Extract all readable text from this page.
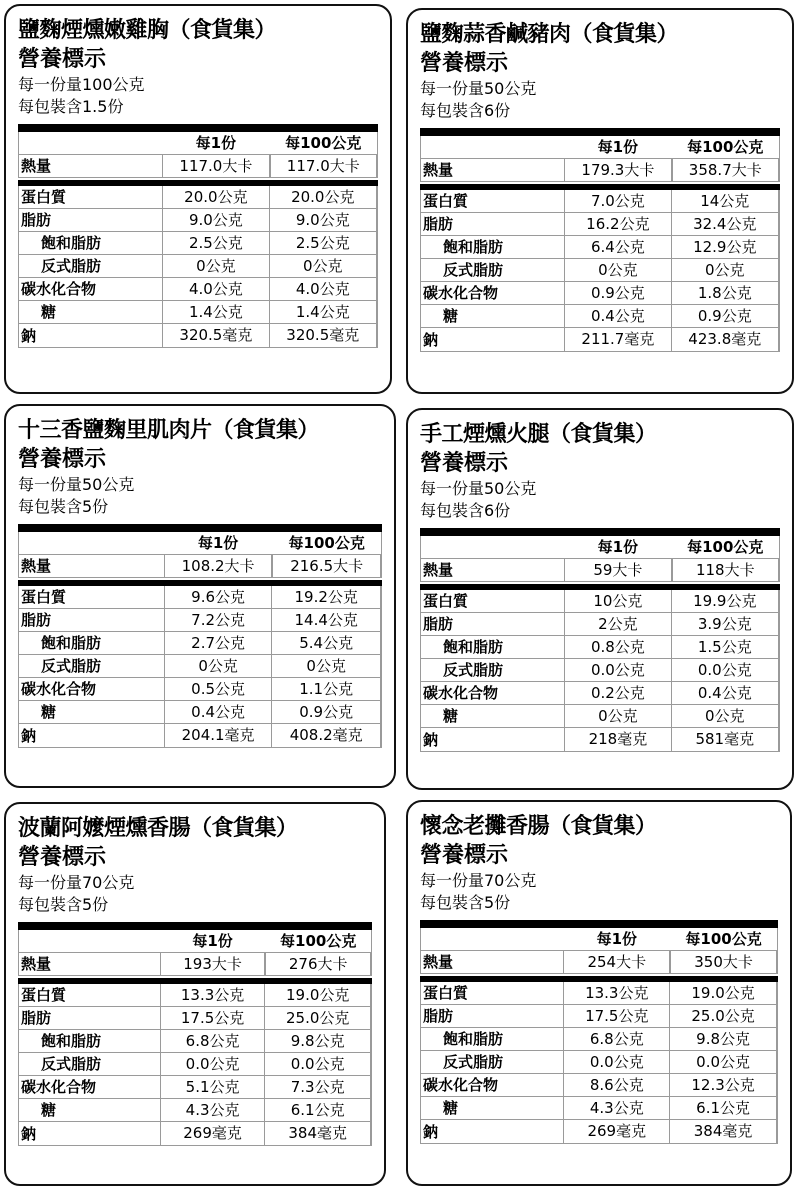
鹽麴煙燻嫩雞胸（食貨集）
營養標示
每一份量100公克
每包裝含1.5份
每1份	每100公克
熱量	117.0大卡	117.0大卡
蛋白質	20.0公克	20.0公克
脂肪	9.0公克	9.0公克
飽和脂肪	2.5公克	2.5公克
反式脂肪	0公克	0公克
碳水化合物	4.0公克	4.0公克
糖	1.4公克	1.4公克
鈉	320.5毫克	320.5毫克
鹽麴蒜香鹹豬肉（食貨集）
營養標示
每一份量50公克
每包裝含6份
每1份	每100公克
熱量	179.3大卡	358.7大卡
蛋白質	7.0公克	14公克
脂肪	16.2公克	32.4公克
飽和脂肪	6.4公克	12.9公克
反式脂肪	0公克	0公克
碳水化合物	0.9公克	1.8公克
糖	0.4公克	0.9公克
鈉	211.7毫克	423.8毫克
十三香鹽麴里肌肉片（食貨集）
營養標示
每一份量50公克
每包裝含5份
每1份	每100公克
熱量	108.2大卡	216.5大卡
蛋白質	9.6公克	19.2公克
脂肪	7.2公克	14.4公克
飽和脂肪	2.7公克	5.4公克
反式脂肪	0公克	0公克
碳水化合物	0.5公克	1.1公克
糖	0.4公克	0.9公克
鈉	204.1毫克	408.2毫克
手工煙燻火腿（食貨集）
營養標示
每一份量50公克
每包裝含6份
每1份	每100公克
熱量	59大卡	118大卡
蛋白質	10公克	19.9公克
脂肪	2公克	3.9公克
飽和脂肪	0.8公克	1.5公克
反式脂肪	0.0公克	0.0公克
碳水化合物	0.2公克	0.4公克
糖	0公克	0公克
鈉	218毫克	581毫克
波蘭阿嬤煙燻香腸（食貨集）
營養標示
每一份量70公克
每包裝含5份
每1份	每100公克
熱量	193大卡	276大卡
蛋白質	13.3公克	19.0公克
脂肪	17.5公克	25.0公克
飽和脂肪	6.8公克	9.8公克
反式脂肪	0.0公克	0.0公克
碳水化合物	5.1公克	7.3公克
糖	4.3公克	6.1公克
鈉	269毫克	384毫克
懷念老攤香腸（食貨集）
營養標示
每一份量70公克
每包裝含5份
每1份	每100公克
熱量	254大卡	350大卡
蛋白質	13.3公克	19.0公克
脂肪	17.5公克	25.0公克
飽和脂肪	6.8公克	9.8公克
反式脂肪	0.0公克	0.0公克
碳水化合物	8.6公克	12.3公克
糖	4.3公克	6.1公克
鈉	269毫克	384毫克
